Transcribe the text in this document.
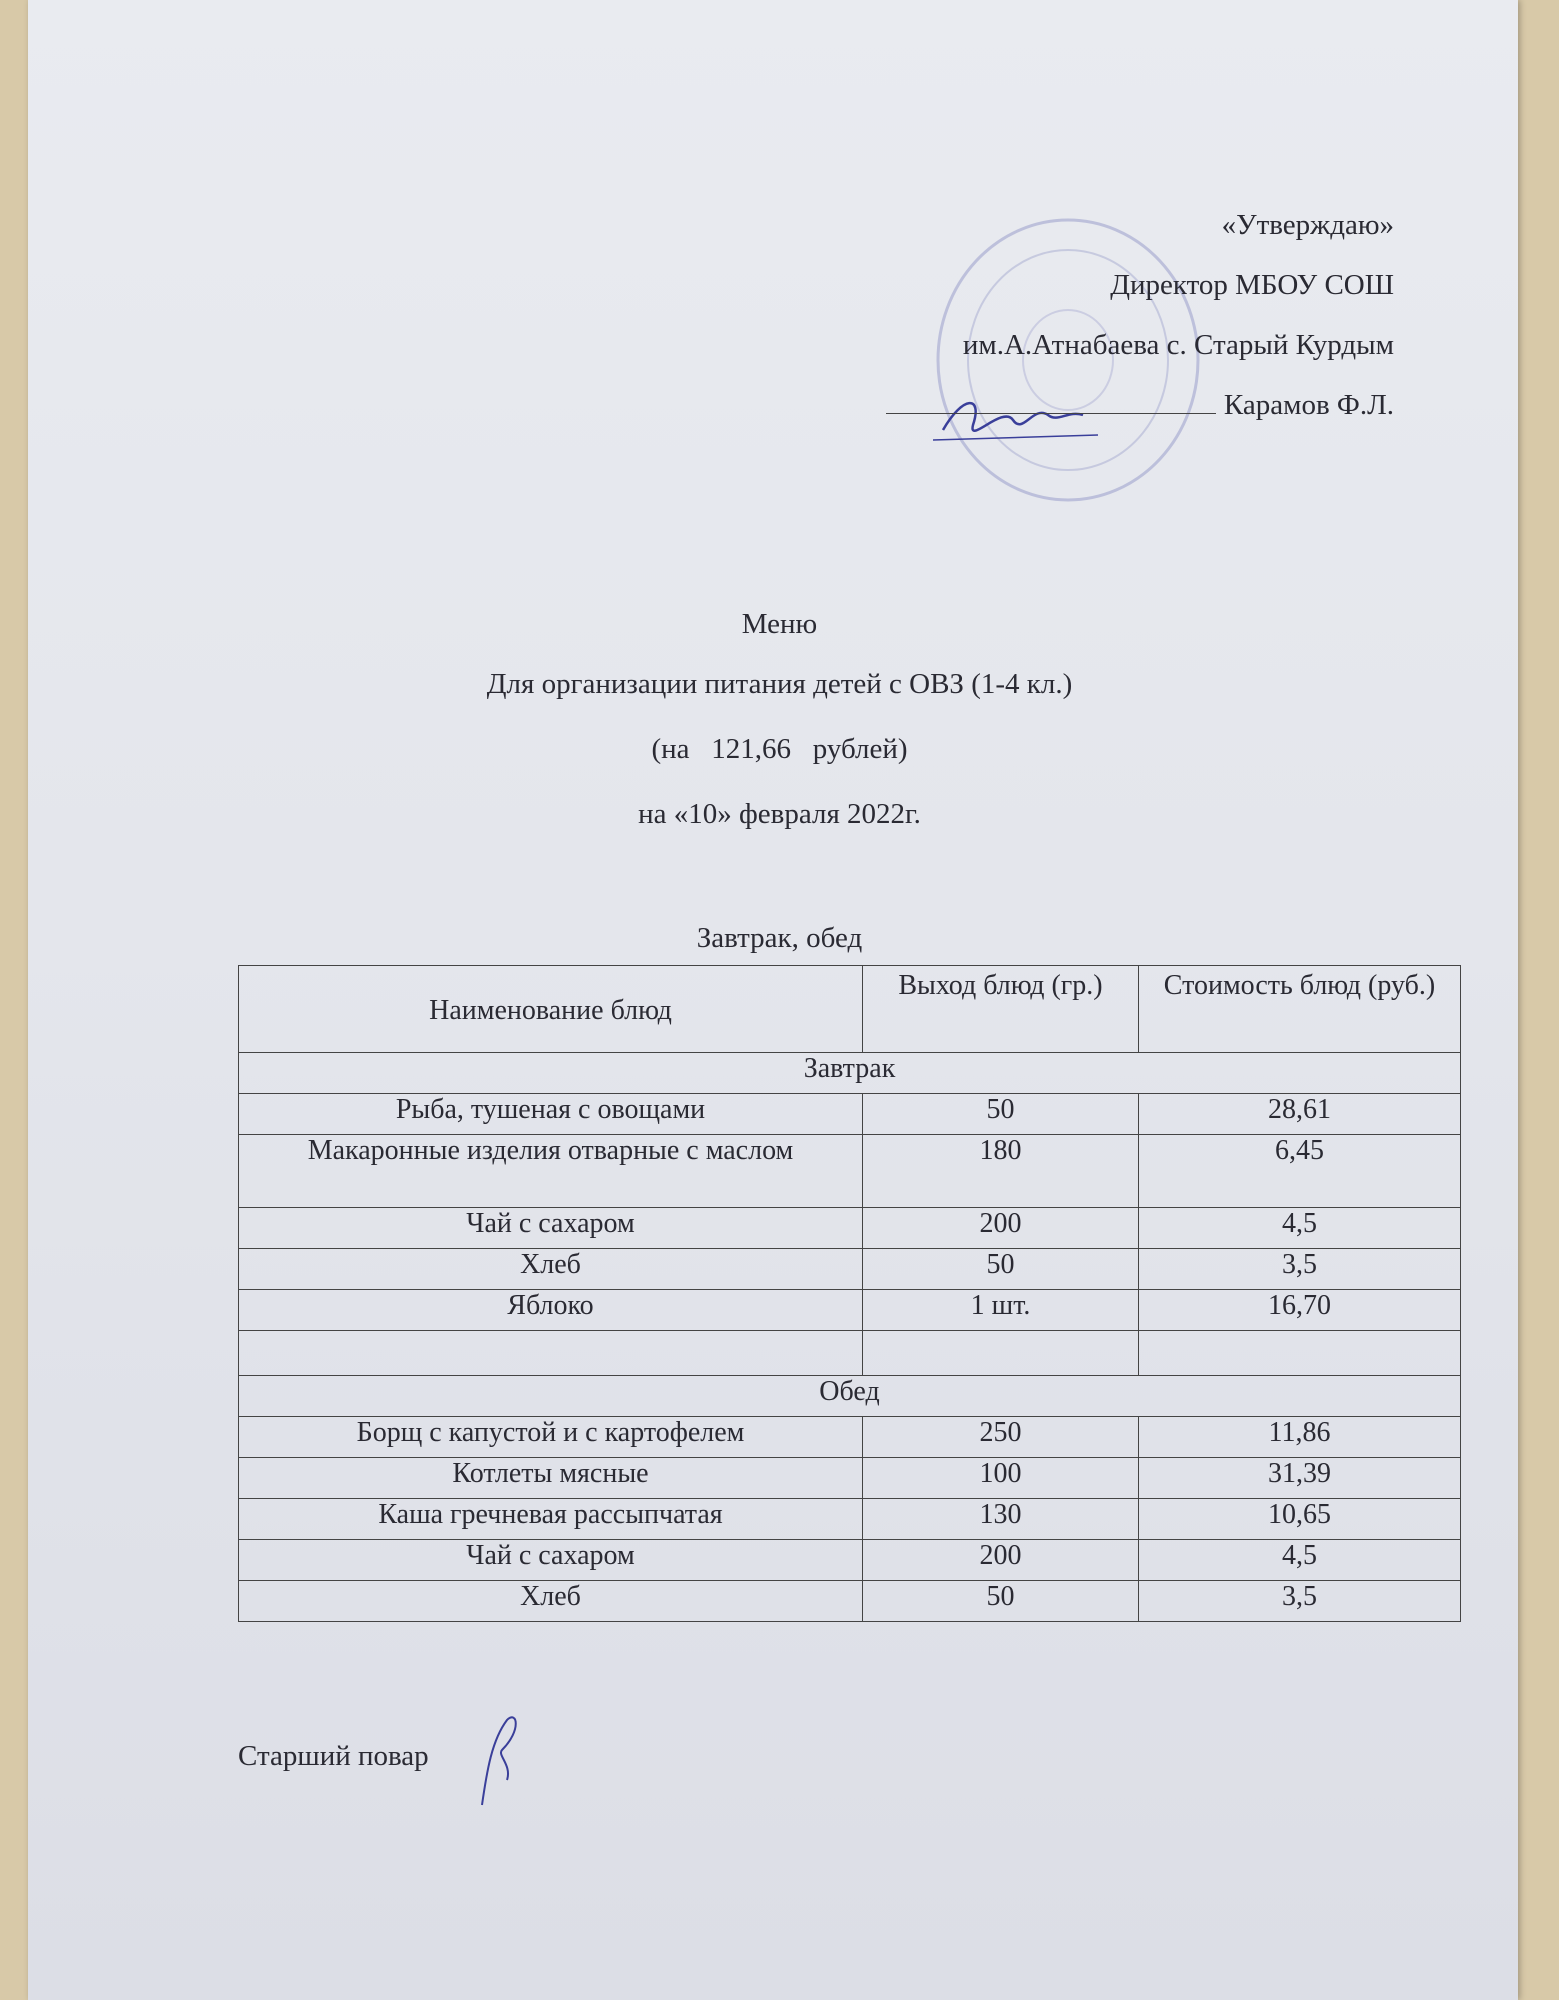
«Утверждаю»
Директор МБОУ СОШ
им.А.Атнабаева с. Старый Курдым
Карамов Ф.Л.
Меню
Для организации питания детей с ОВЗ (1-4 кл.)
(на   121,66   рублей)
на «10» февраля 2022г.
Завтрак, обед
Наименование блюд	Выход блюд (гр.)	Стоимость блюд (руб.)
Завтрак		
Рыба, тушеная с овощами	50	28,61
Макаронные изделия отварные с маслом	180	6,45
Чай с сахаром	200	4,5
Хлеб	50	3,5
Яблоко	1 шт.	16,70

Обед		
Борщ с капустой и с картофелем	250	11,86
Котлеты мясные	100	31,39
Каша гречневая рассыпчатая	130	10,65
Чай с сахаром	200	4,5
Хлеб	50	3,5
Старший повар
